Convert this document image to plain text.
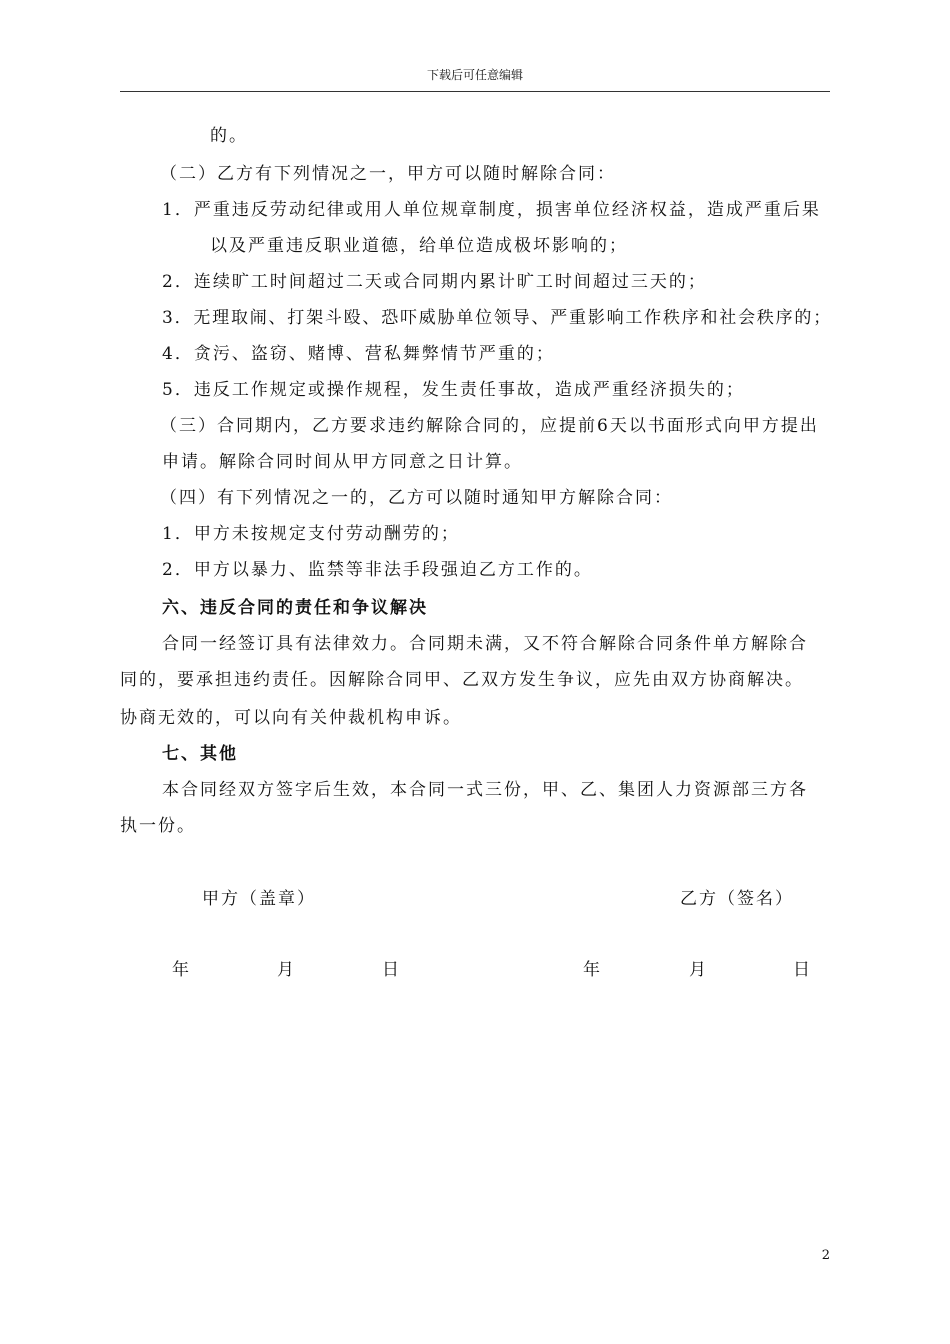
下载后可任意编辑
的。
（二）乙方有下列情况之一，甲方可以随时解除合同：
1．严重违反劳动纪律或用人单位规章制度，损害单位经济权益，造成严重后果
以及严重违反职业道德，给单位造成极坏影响的；
2．连续旷工时间超过二天或合同期内累计旷工时间超过三天的；
3．无理取闹、打架斗殴、恐吓威胁单位领导、严重影响工作秩序和社会秩序的；
4．贪污、盗窃、赌博、营私舞弊情节严重的；
5．违反工作规定或操作规程，发生责任事故，造成严重经济损失的；
（三）合同期内，乙方要求违约解除合同的，应提前6天以书面形式向甲方提出
申请。解除合同时间从甲方同意之日计算。
（四）有下列情况之一的，乙方可以随时通知甲方解除合同：
1．甲方未按规定支付劳动酬劳的；
2．甲方以暴力、监禁等非法手段强迫乙方工作的。
六、违反合同的责任和争议解决
合同一经签订具有法律效力。合同期未满，又不符合解除合同条件单方解除合
同的，要承担违约责任。因解除合同甲、乙双方发生争议，应先由双方协商解决。
协商无效的，可以向有关仲裁机构申诉。
七、其他
本合同经双方签字后生效，本合同一式三份，甲、乙、集团人力资源部三方各
执一份。
甲方（盖章）	乙方（签名）
年	月	日	年	月	日
2
